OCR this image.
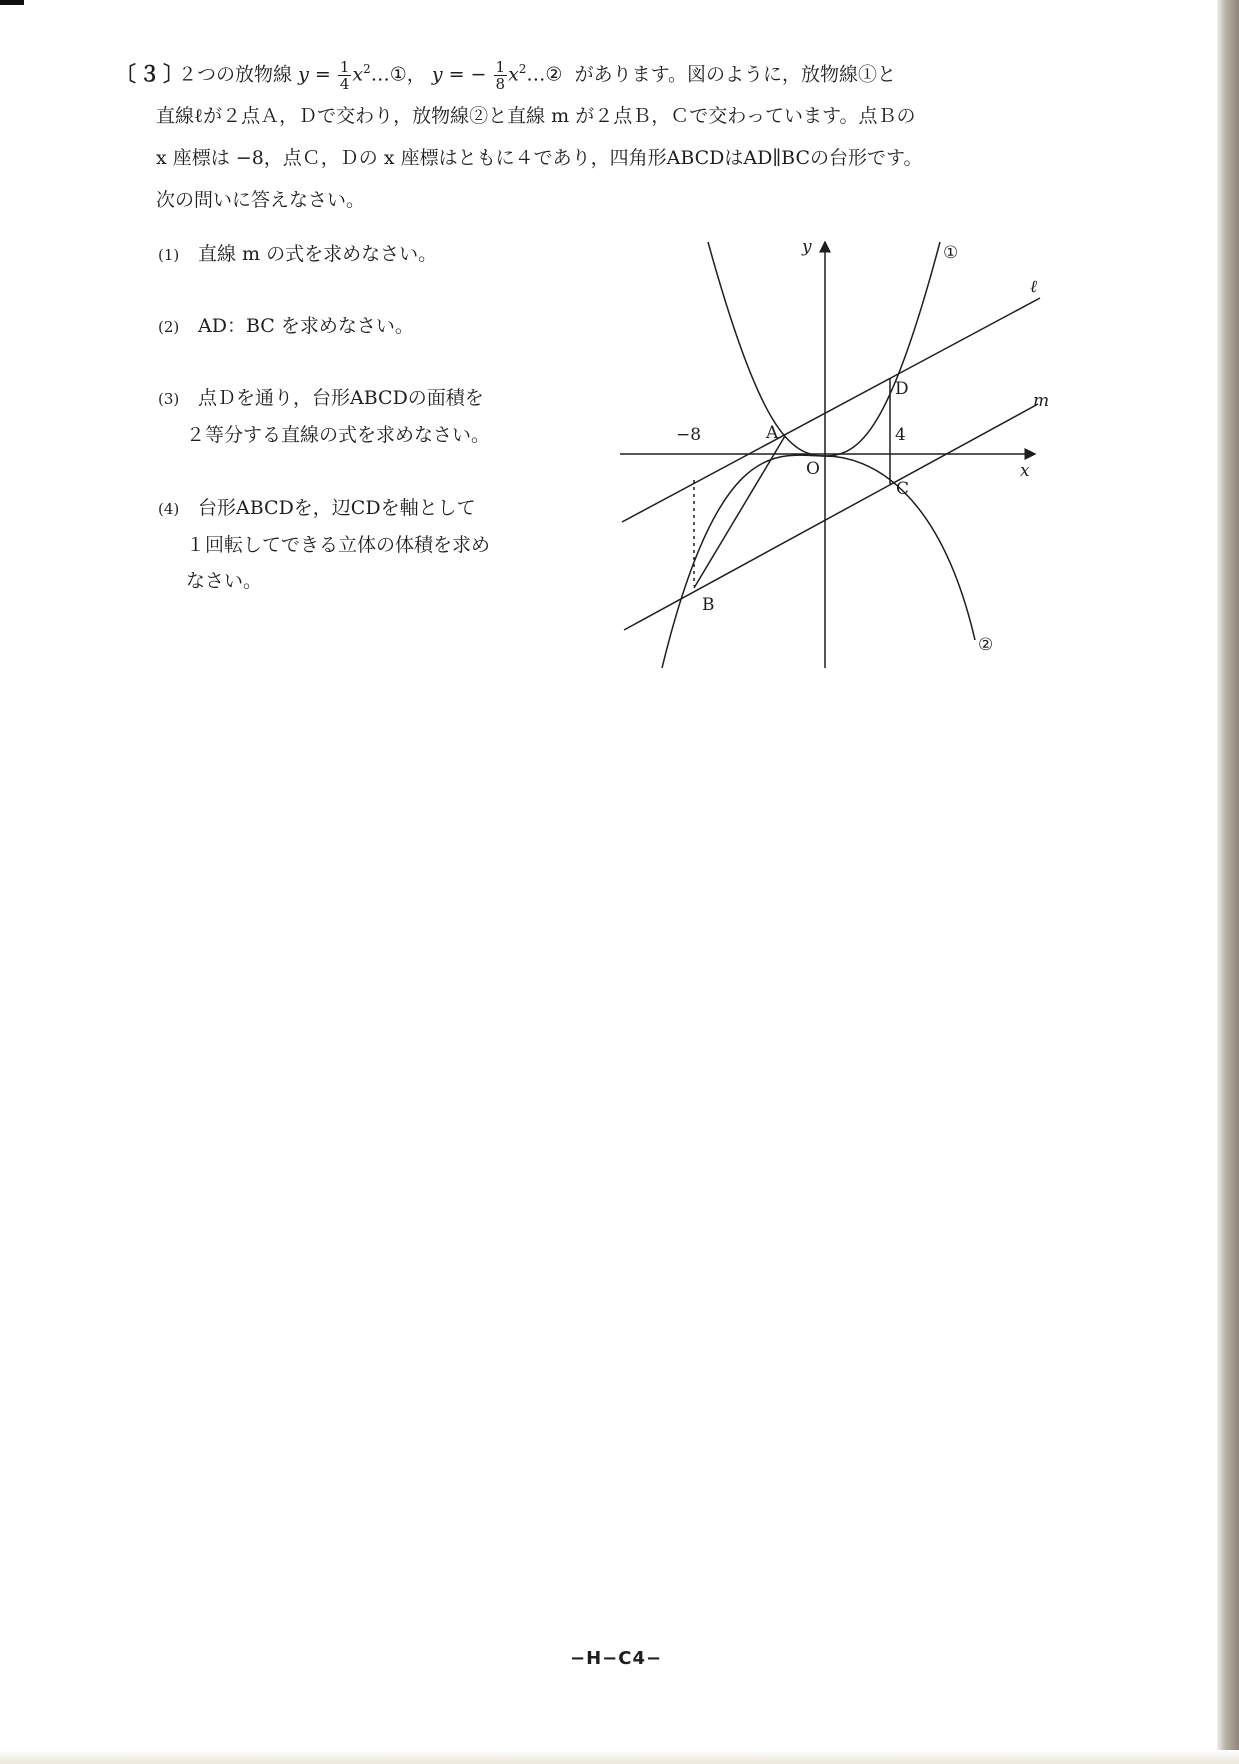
〔３〕
２つの放物線 $y = \frac{1}{4}$ $x^2\dots ①$， y = − $\frac{1}{8}$ $x^2\dots ②$ があります。図のように，放物線①と
直線ℓが２点Ａ，Ｄで交わり，放物線②と直線 m が２点Ｂ，Ｃで交わっています。点Ｂの
x 座標は −8，点Ｃ，Ｄの x 座標はともに４であり，四角形ABCDはAD∥BCの台形です。
次の問いに答えなさい。
(1) 直線 m の式を求めなさい。
(2) AD：BC を求めなさい。
(3) 点Ｄを通り，台形ABCDの面積を
２等分する直線の式を求めなさい。
(4) 台形ABCDを，辺CDを軸として
１回転してできる立体の体積を求め
なさい。
y
x
O
①
②
ℓ
m
A
B
C
D
−8	4
−H−C4−
